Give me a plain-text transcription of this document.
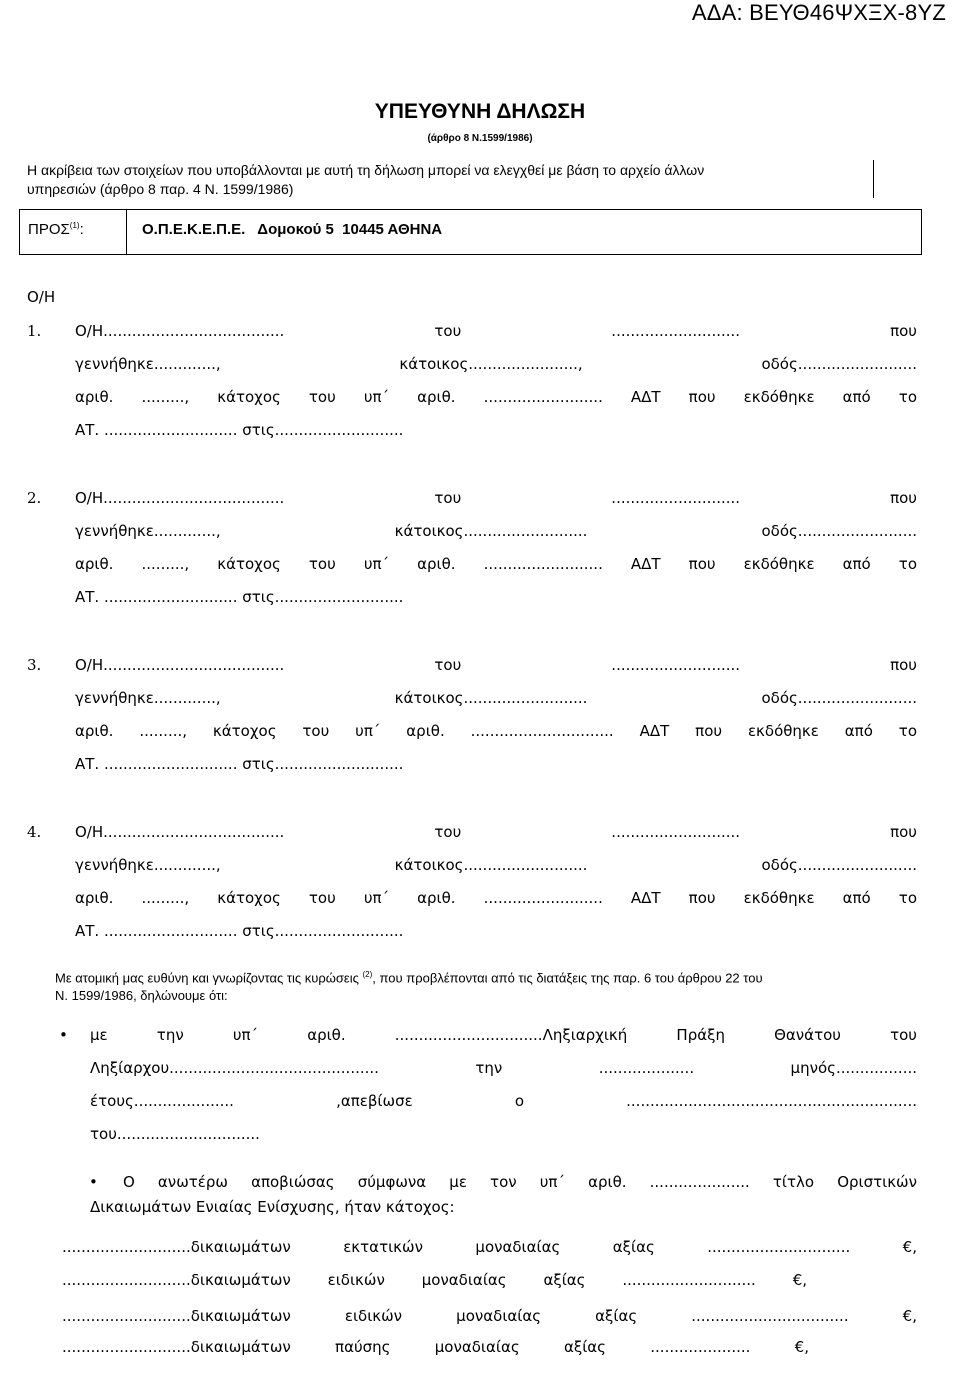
ΑΔΑ: ΒΕΥΘ46ΨΧΞΧ-8ΥΖ
ΥΠΕΥΘΥΝΗ ΔΗΛΩΣΗ
(άρθρο 8 Ν.1599/1986)
Η ακρίβεια των στοιχείων που υποβάλλονται με αυτή τη δήλωση μπορεί να ελεγχθεί με βάση το αρχείο άλλων
υπηρεσιών (άρθρο 8 παρ. 4 Ν. 1599/1986)
ΠΡΟΣ$^{(1)}$:	Ο.Π.Ε.Κ.Ε.Π.Ε.   Δομοκού 5  10445 ΑΘΗΝΑ
Ο/Η
1.	Ο/Η...................................... του ........................... που
γεννήθηκε............., κάτοικος......................., οδός.........................
αριθ. ........., κάτοχος του υπ΄ αριθ. ......................... ΑΔΤ που εκδόθηκε από το
ΑΤ. ............................ στις...........................
2.	Ο/Η...................................... του ........................... που
γεννήθηκε............., κάτοικος.......................... οδός.........................
αριθ. ........., κάτοχος του υπ΄ αριθ. ......................... ΑΔΤ που εκδόθηκε από το
ΑΤ. ............................ στις...........................
3.	Ο/Η...................................... του ........................... που
γεννήθηκε............., κάτοικος.......................... οδός.........................
αριθ. ........., κάτοχος του υπ΄ αριθ. .............................. ΑΔΤ που εκδόθηκε από το
ΑΤ. ............................ στις...........................
4.	Ο/Η...................................... του ........................... που
γεννήθηκε............., κάτοικος.......................... οδός.........................
αριθ. ........., κάτοχος του υπ΄ αριθ. ......................... ΑΔΤ που εκδόθηκε από το
ΑΤ. ............................ στις...........................
Με ατομική μας ευθύνη και γνωρίζοντας τις κυρώσεις $^{(2)}$, που προβλέπονται από τις διατάξεις της παρ. 6 του άρθρου 22 του
Ν. 1599/1986, δηλώνουμε ότι:
• με την υπ΄ αριθ. ...............................Ληξιαρχική Πράξη Θανάτου του
Ληξίαρχου............................................ την .................... μηνός.................
έτους..................... ,απεβίωσε ο .............................................................
του..............................
• Ο ανωτέρω αποβιώσας σύμφωνα με τον υπ΄ αριθ. ..................... τίτλο Οριστικών
Δικαιωμάτων Ενιαίας Ενίσχυσης, ήταν κάτοχος:
...........................δικαιωμάτων εκτατικών μοναδιαίας αξίας .............................. €,
...........................δικαιωμάτων ειδικών μοναδιαίας αξίας ............................ €,
...........................δικαιωμάτων ειδικών μοναδιαίας αξίας ................................. €,
...........................δικαιωμάτων παύσης μοναδιαίας αξίας ..................... €,
